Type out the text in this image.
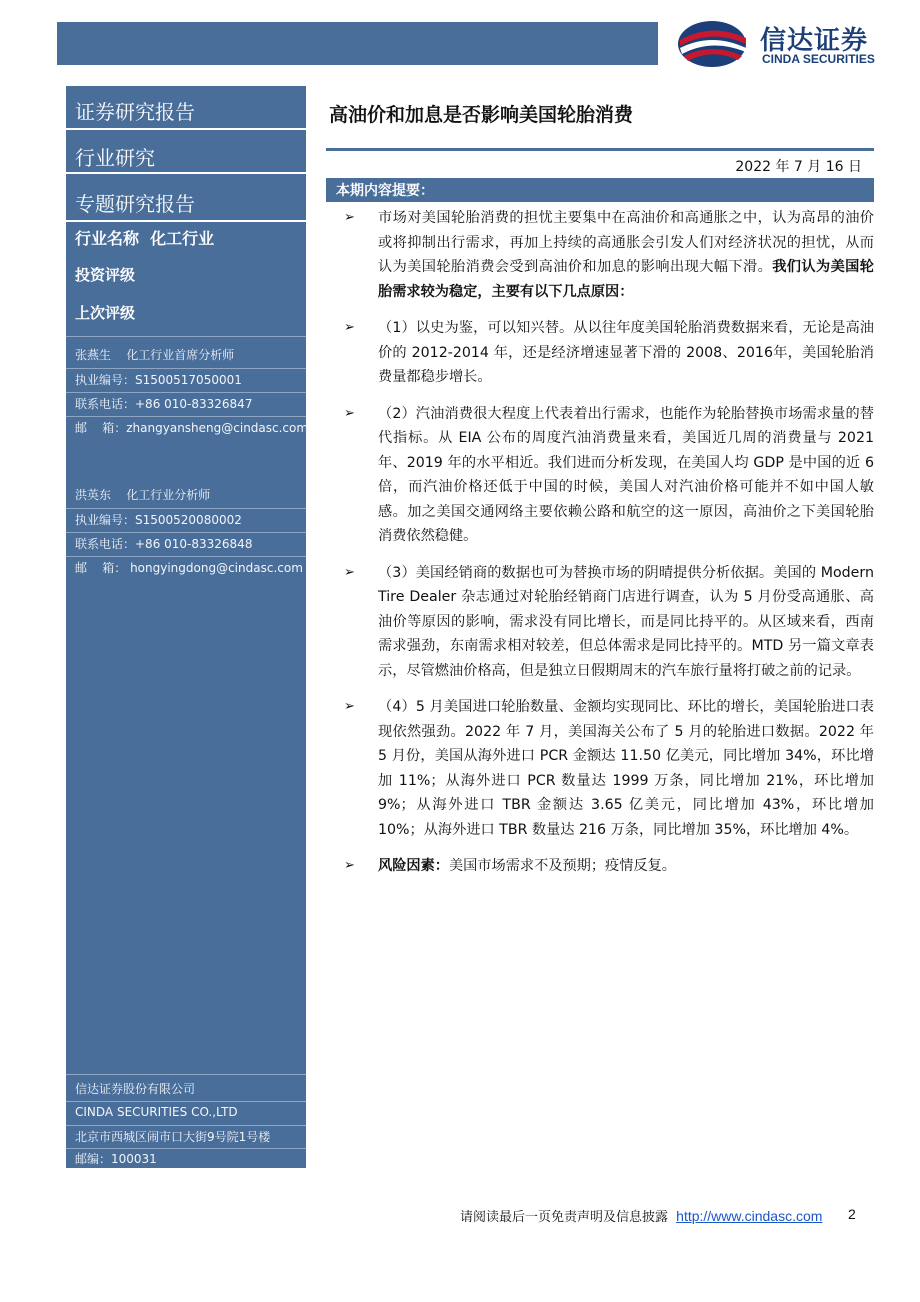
信达证券
CINDA SECURITIES
证券研究报告
行业研究
专题研究报告
行业名称 化工行业
投资评级
上次评级
张燕生    化工行业首席分析师
执业编号：S1500517050001
联系电话：+86 010-83326847
邮    箱：zhangyansheng@cindasc.com
洪英东    化工行业分析师
执业编号：S1500520080002
联系电话：+86 010-83326848
邮    箱： hongyingdong@cindasc.com
信达证券股份有限公司
CINDA SECURITIES CO.,LTD
北京市西城区闹市口大街9号院1号楼
邮编：100031
高油价和加息是否影响美国轮胎消费
2022 年 7 月 16 日
本期内容提要：
➢ 市场对美国轮胎消费的担忧主要集中在高油价和高通胀之中，认为高昂的油价或将抑制出行需求，再加上持续的高通胀会引发人们对经济状况的担忧，从而认为美国轮胎消费会受到高油价和加息的影响出现大幅下滑。我们认为美国轮胎需求较为稳定，主要有以下几点原因：
➢ （1）以史为鉴，可以知兴替。从以往年度美国轮胎消费数据来看，无论是高油价的 2012-2014 年，还是经济增速显著下滑的 2008、2016年，美国轮胎消费量都稳步增长。
➢ （2）汽油消费很大程度上代表着出行需求，也能作为轮胎替换市场需求量的替代指标。从 EIA 公布的周度汽油消费量来看，美国近几周的消费量与 2021 年、2019 年的水平相近。我们进而分析发现，在美国人均 GDP 是中国的近 6 倍，而汽油价格还低于中国的时候，美国人对汽油价格可能并不如中国人敏感。加之美国交通网络主要依赖公路和航空的这一原因，高油价之下美国轮胎消费依然稳健。
➢ （3）美国经销商的数据也可为替换市场的阴晴提供分析依据。美国的 Modern Tire Dealer 杂志通过对轮胎经销商门店进行调查，认为 5 月份受高通胀、高油价等原因的影响，需求没有同比增长，而是同比持平的。从区域来看，西南需求强劲，东南需求相对较差，但总体需求是同比持平的。MTD 另一篇文章表示，尽管燃油价格高，但是独立日假期周末的汽车旅行量将打破之前的记录。
➢ （4）5 月美国进口轮胎数量、金额均实现同比、环比的增长，美国轮胎进口表现依然强劲。2022 年 7 月，美国海关公布了 5 月的轮胎进口数据。2022 年 5 月份，美国从海外进口 PCR 金额达 11.50 亿美元，同比增加 34%，环比增加 11%；从海外进口 PCR 数量达 1999 万条，同比增加 21%，环比增加 9%；从海外进口 TBR 金额达 3.65 亿美元，同比增加 43%，环比增加 10%；从海外进口 TBR 数量达 216 万条，同比增加 35%，环比增加 4%。
➢ 风险因素：美国市场需求不及预期；疫情反复。
请阅读最后一页免责声明及信息披露 http://www.cindasc.com 2
